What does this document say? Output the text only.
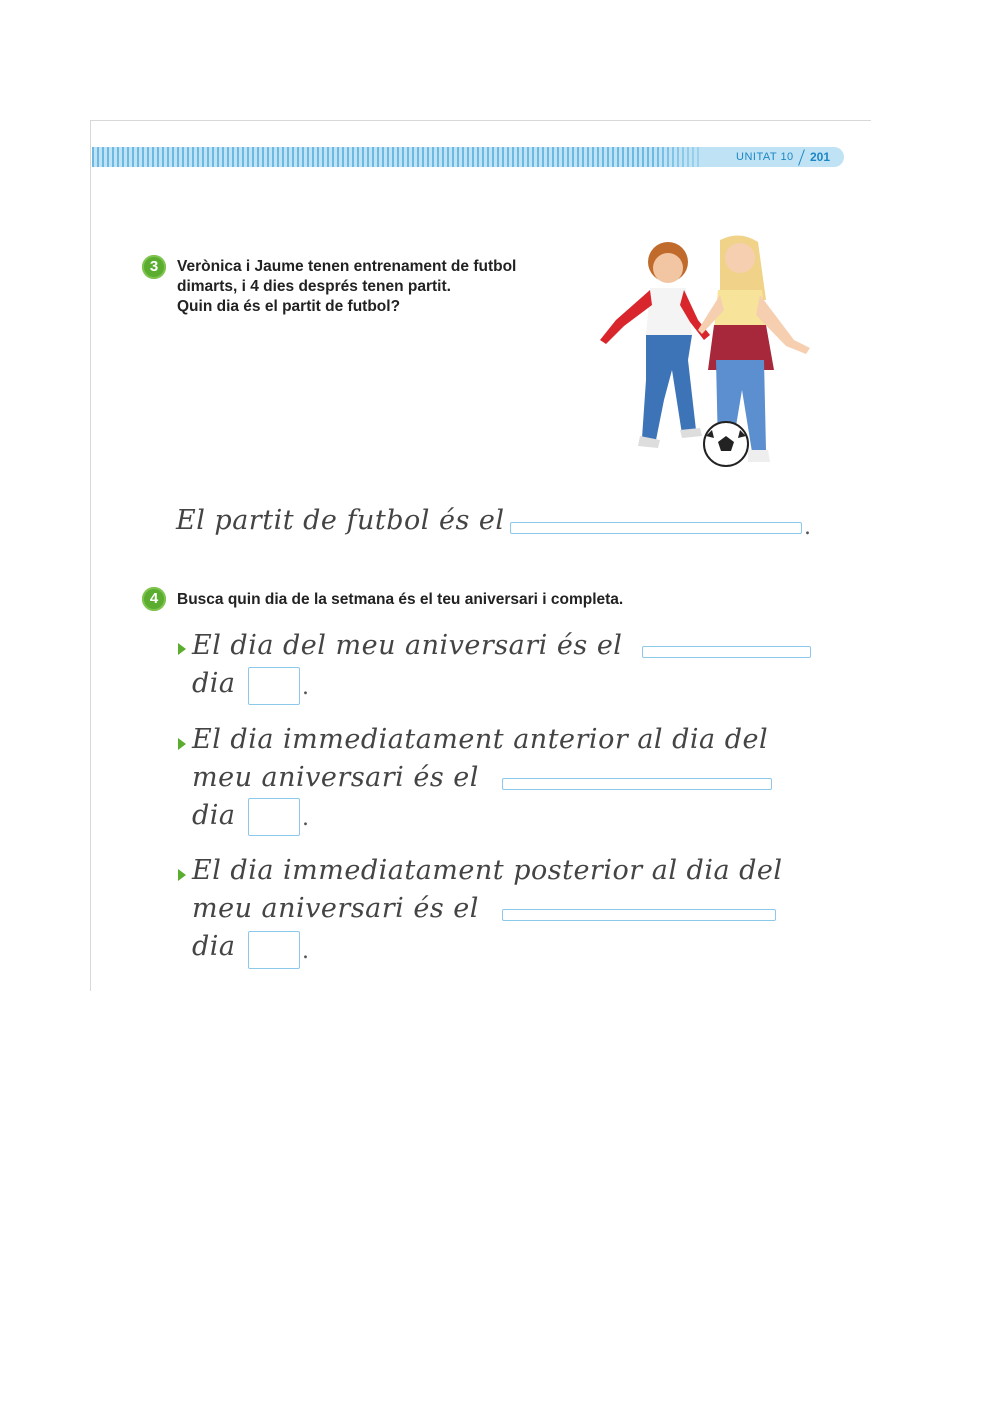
UNITAT 10 201
3	Verònica i Jaume tenen entrenament de futbol
dimarts, i 4 dies després tenen partit.
Quin dia és el partit de futbol?
El partit de futbol és el	.
4	Busca quin dia de la setmana és el teu aniversari i completa.
El dia del meu aniversari és el
dia	.
El dia immediatament anterior al dia del
meu aniversari és el
dia	.
El dia immediatament posterior al dia del
meu aniversari és el
dia	.
